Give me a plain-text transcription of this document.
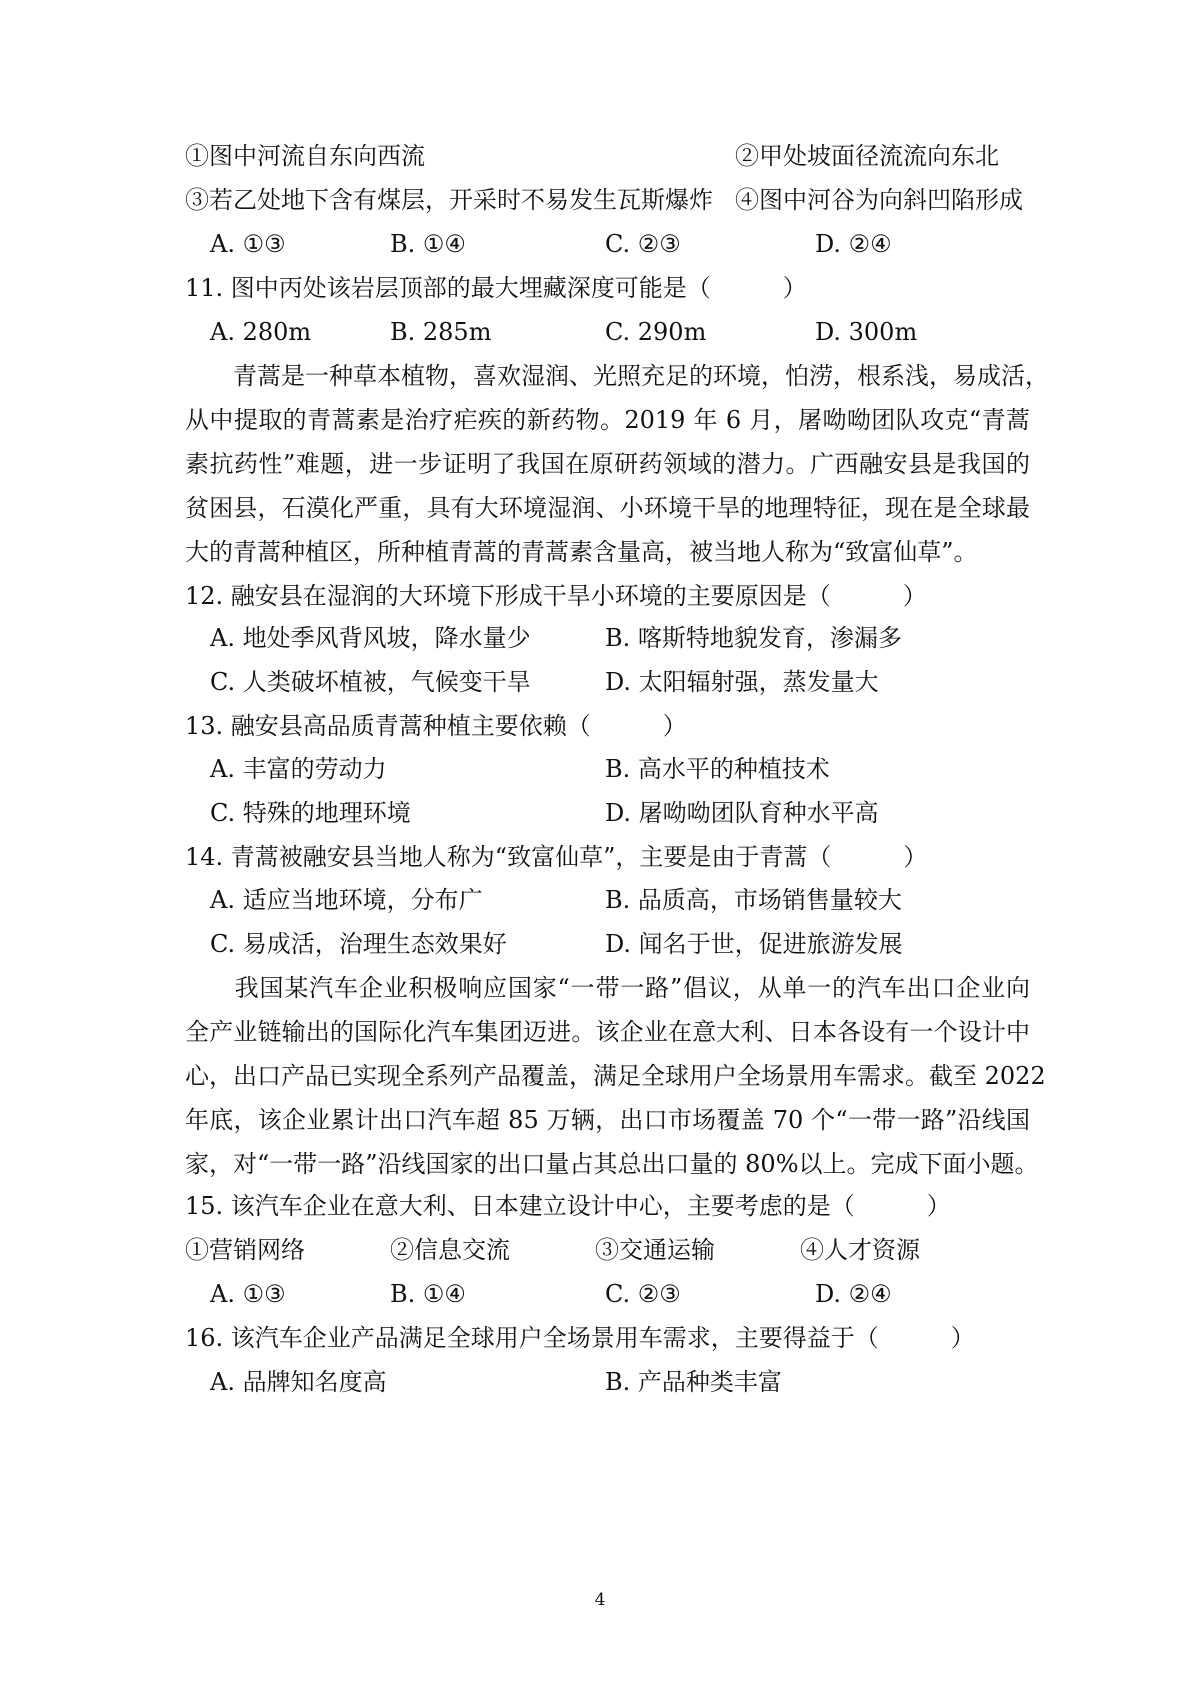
①图中河流自东向西流	②甲处坡面径流流向东北
③若乙处地下含有煤层，开采时不易发生瓦斯爆炸 ④图中河谷为向斜凹陷形成
A. ①③	B. ①④	C. ②③	D. ②④
11. 图中丙处该岩层顶部的最大埋藏深度可能是（　　　）
A. 280m	B. 285m	C. 290m	D. 300m
　　青蒿是一种草本植物，喜欢湿润、光照充足的环境，怕涝，根系浅，易成活，
从中提取的青蒿素是治疗疟疾的新药物。2019 年 6 月，屠呦呦团队攻克“青蒿
素抗药性”难题，进一步证明了我国在原研药领域的潜力。广西融安县是我国的
贫困县，石漠化严重，具有大环境湿润、小环境干旱的地理特征，现在是全球最
大的青蒿种植区，所种植青蒿的青蒿素含量高，被当地人称为“致富仙草”。
12. 融安县在湿润的大环境下形成干旱小环境的主要原因是（　　　）
A. 地处季风背风坡，降水量少	B. 喀斯特地貌发育，渗漏多
C. 人类破坏植被，气候变干旱	D. 太阳辐射强，蒸发量大
13. 融安县高品质青蒿种植主要依赖（　　　）
A. 丰富的劳动力	B. 高水平的种植技术
C. 特殊的地理环境	D. 屠呦呦团队育种水平高
14. 青蒿被融安县当地人称为“致富仙草”，主要是由于青蒿（　　　）
A. 适应当地环境，分布广	B. 品质高，市场销售量较大
C. 易成活，治理生态效果好	D. 闻名于世，促进旅游发展
　　我国某汽车企业积极响应国家“一带一路”倡议，从单一的汽车出口企业向
全产业链输出的国际化汽车集团迈进。该企业在意大利、日本各设有一个设计中
心，出口产品已实现全系列产品覆盖，满足全球用户全场景用车需求。截至 2022
年底，该企业累计出口汽车超 85 万辆，出口市场覆盖 70 个“一带一路”沿线国
家，对“一带一路”沿线国家的出口量占其总出口量的 80%以上。完成下面小题。
15. 该汽车企业在意大利、日本建立设计中心，主要考虑的是（　　　）
①营销网络	②信息交流	③交通运输	④人才资源
A. ①③	B. ①④	C. ②③	D. ②④
16. 该汽车企业产品满足全球用户全场景用车需求，主要得益于（　　　）
A. 品牌知名度高	B. 产品种类丰富
4
